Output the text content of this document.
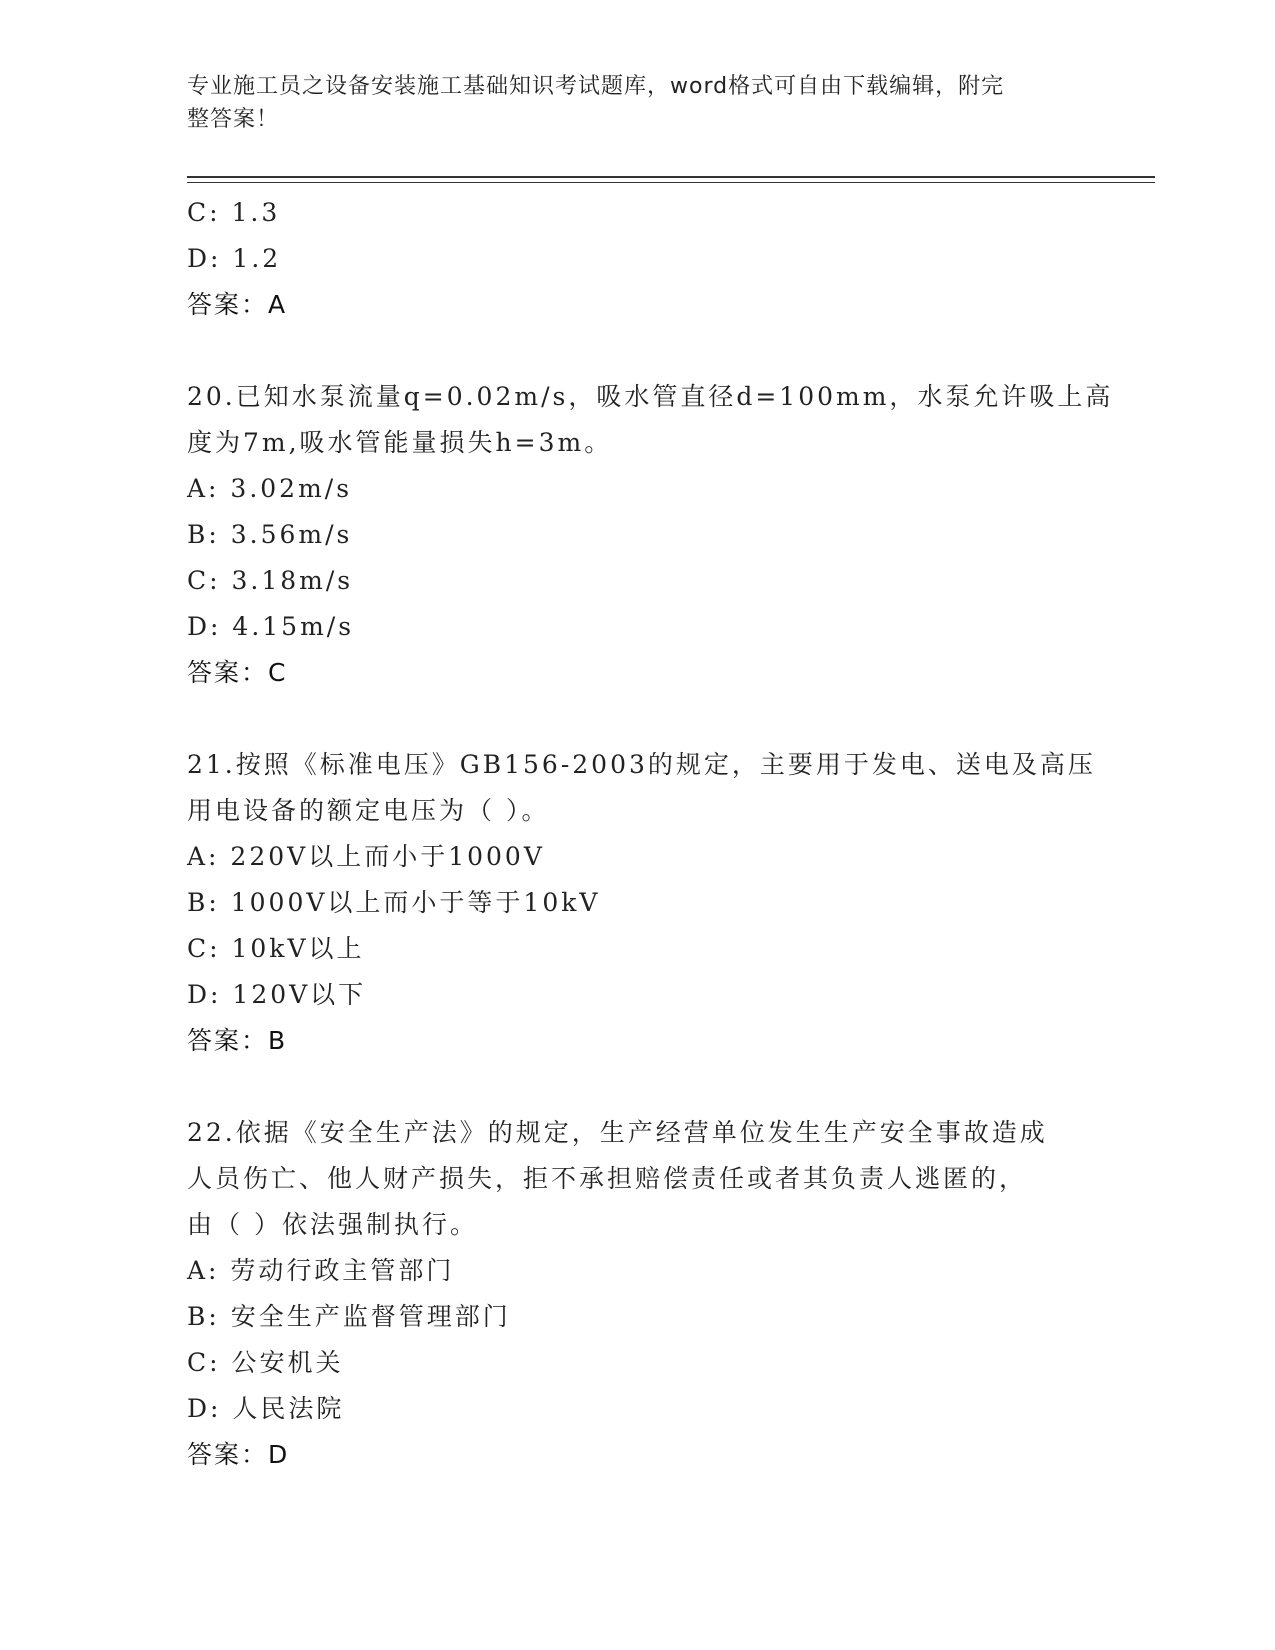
专业施工员之设备安装施工基础知识考试题库，word格式可自由下载编辑，附完
整答案！
C: 1.3
D: 1.2
答案：A
20.已知水泵流量q=0.02m/s，吸水管直径d=100mm，水泵允许吸上高
度为7m,吸水管能量损失h=3m。
A: 3.02m/s
B: 3.56m/s
C: 3.18m/s
D: 4.15m/s
答案：C
21.按照《标准电压》GB156-2003的规定，主要用于发电、送电及高压
用电设备的额定电压为（ ）。
A: 220V以上而小于1000V
B: 1000V以上而小于等于10kV
C: 10kV以上
D: 120V以下
答案：B
22.依据《安全生产法》的规定，生产经营单位发生生产安全事故造成
人员伤亡、他人财产损失，拒不承担赔偿责任或者其负责人逃匿的，
由（ ）依法强制执行。
A: 劳动行政主管部门
B: 安全生产监督管理部门
C: 公安机关
D: 人民法院
答案：D
